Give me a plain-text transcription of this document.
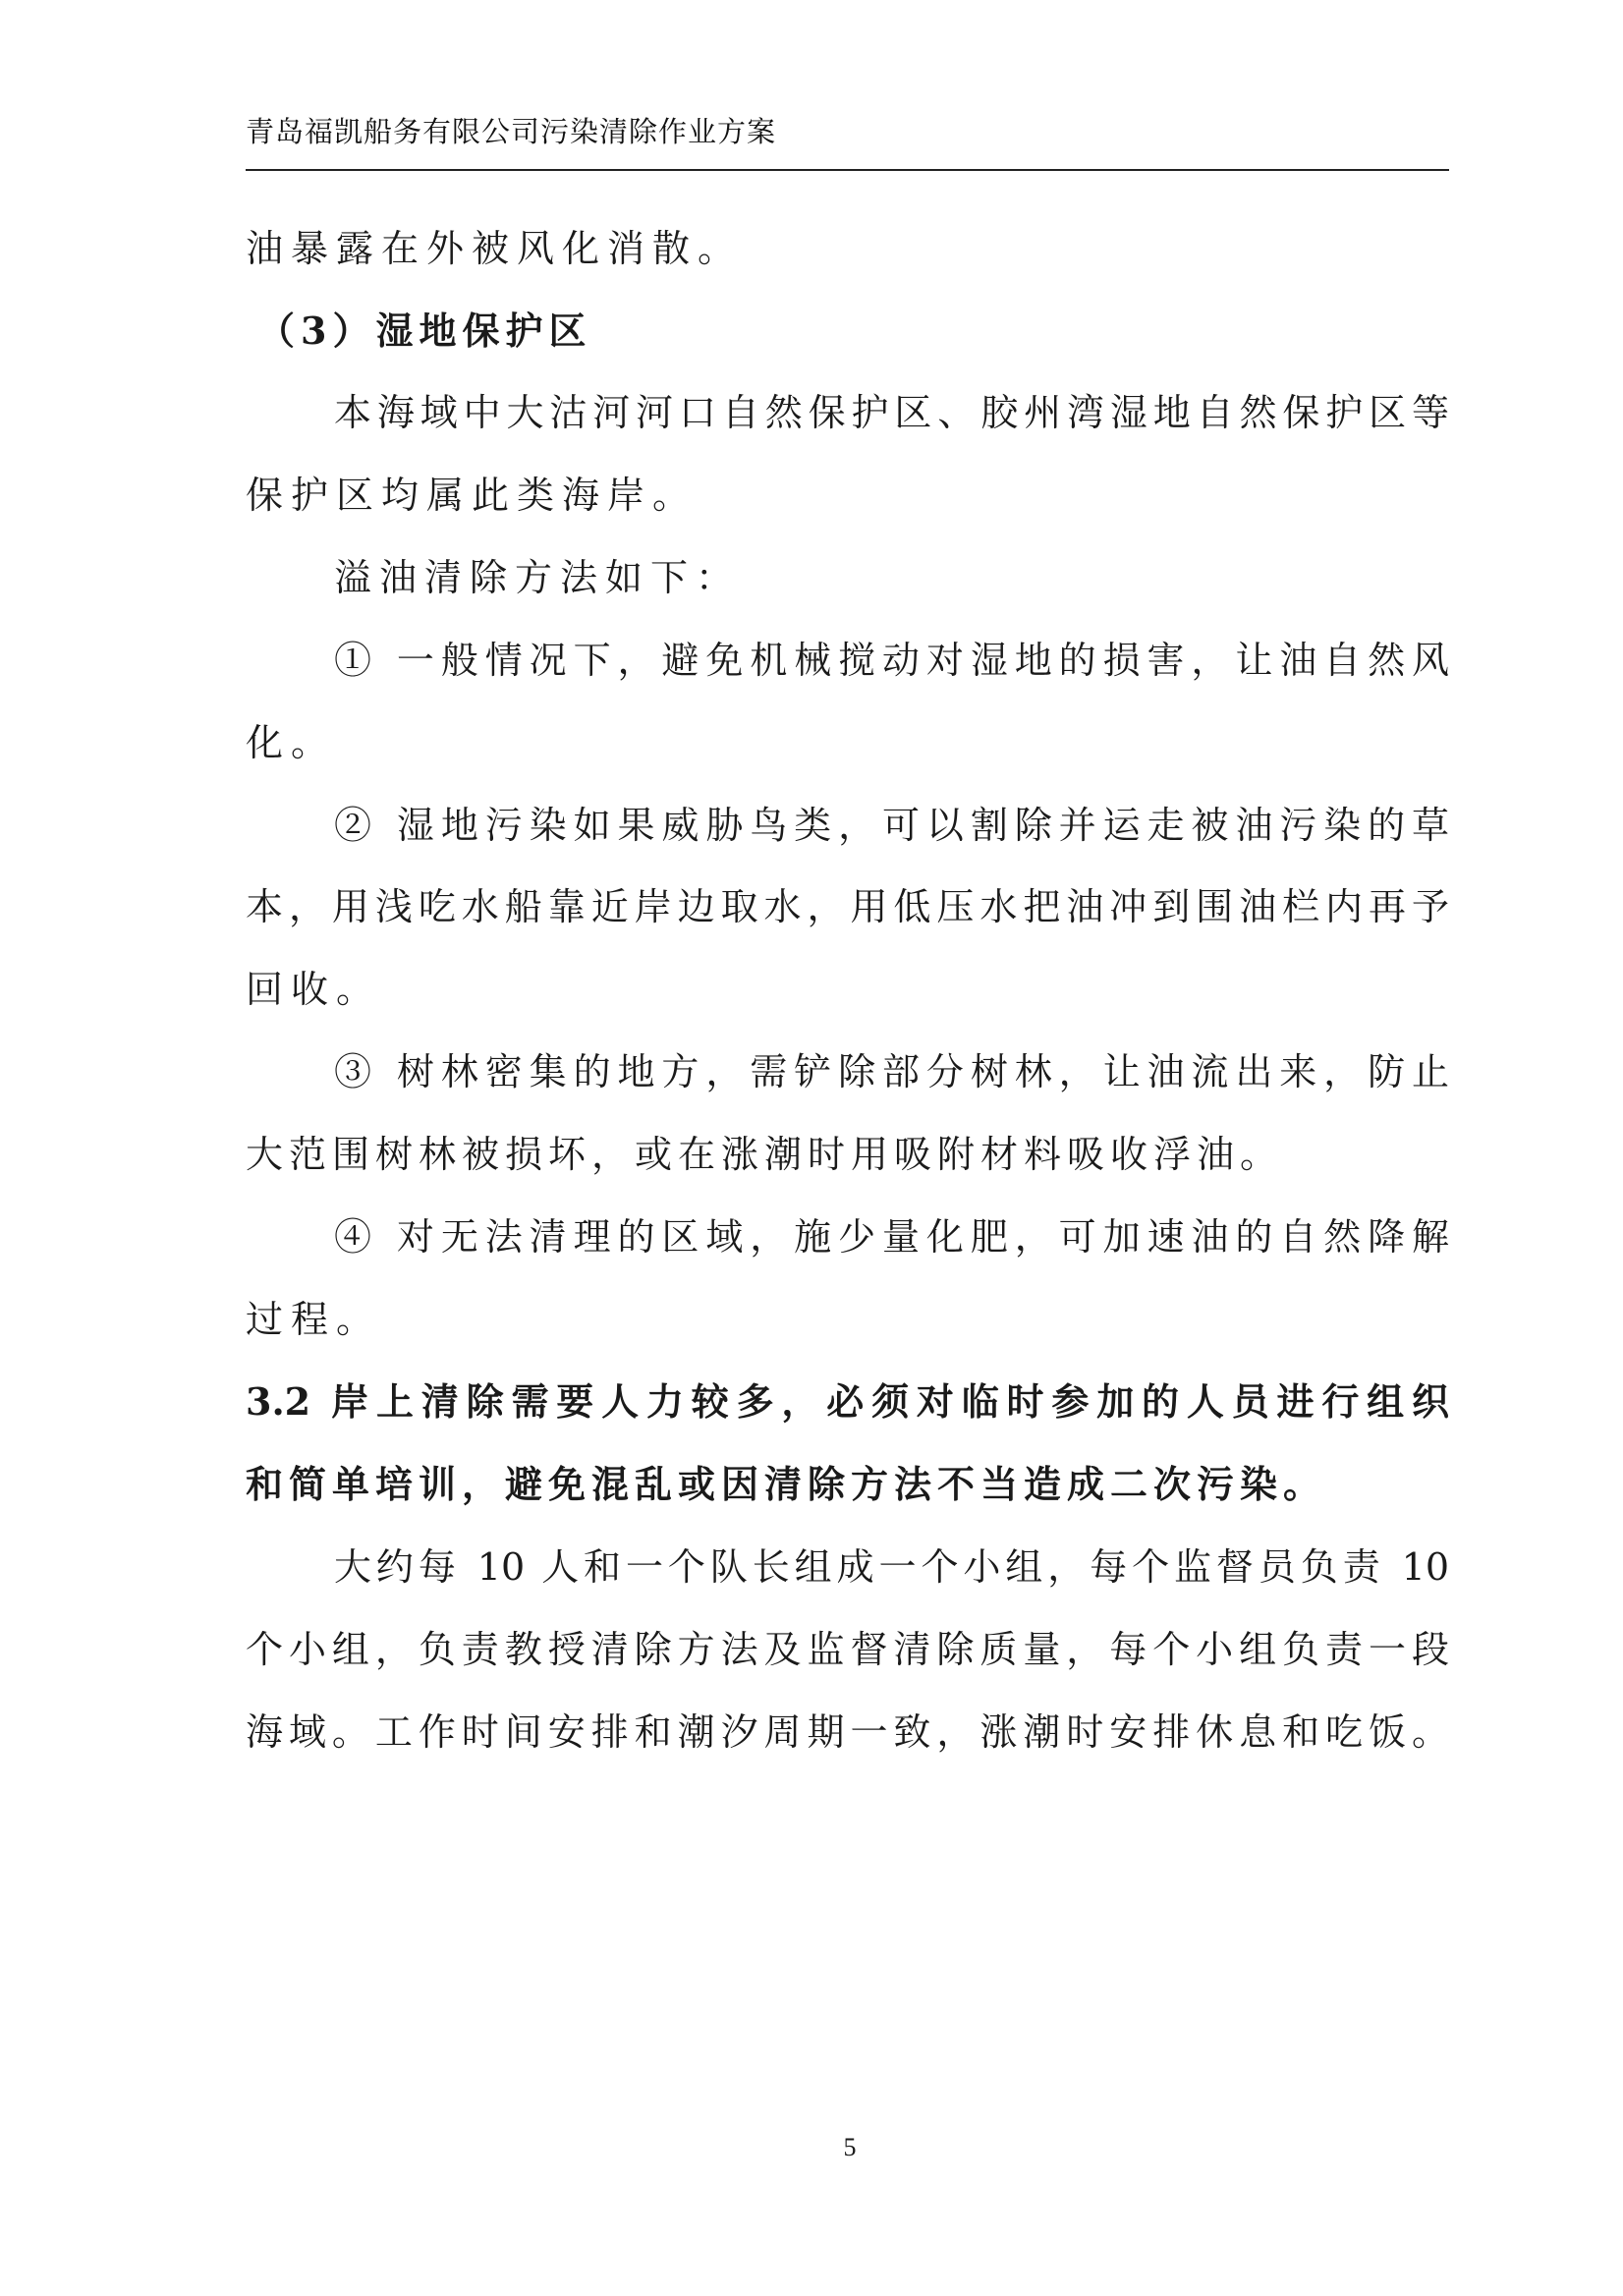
青岛福凯船务有限公司污染清除作业方案
油暴露在外被风化消散。
（3）湿地保护区
本海域中大沽河河口自然保护区、胶州湾湿地自然保护区等
保护区均属此类海岸。
溢油清除方法如下：
① 一般情况下，避免机械搅动对湿地的损害，让油自然风
化。
② 湿地污染如果威胁鸟类，可以割除并运走被油污染的草
本，用浅吃水船靠近岸边取水，用低压水把油冲到围油栏内再予
回收。
③ 树林密集的地方，需铲除部分树林，让油流出来，防止
大范围树林被损坏，或在涨潮时用吸附材料吸收浮油。
④ 对无法清理的区域，施少量化肥，可加速油的自然降解
过程。
3.2 岸上清除需要人力较多，必须对临时参加的人员进行组织
和简单培训，避免混乱或因清除方法不当造成二次污染。
大约每 10 人和一个队长组成一个小组，每个监督员负责 10
个小组，负责教授清除方法及监督清除质量，每个小组负责一段
海域。工作时间安排和潮汐周期一致，涨潮时安排休息和吃饭。
5
